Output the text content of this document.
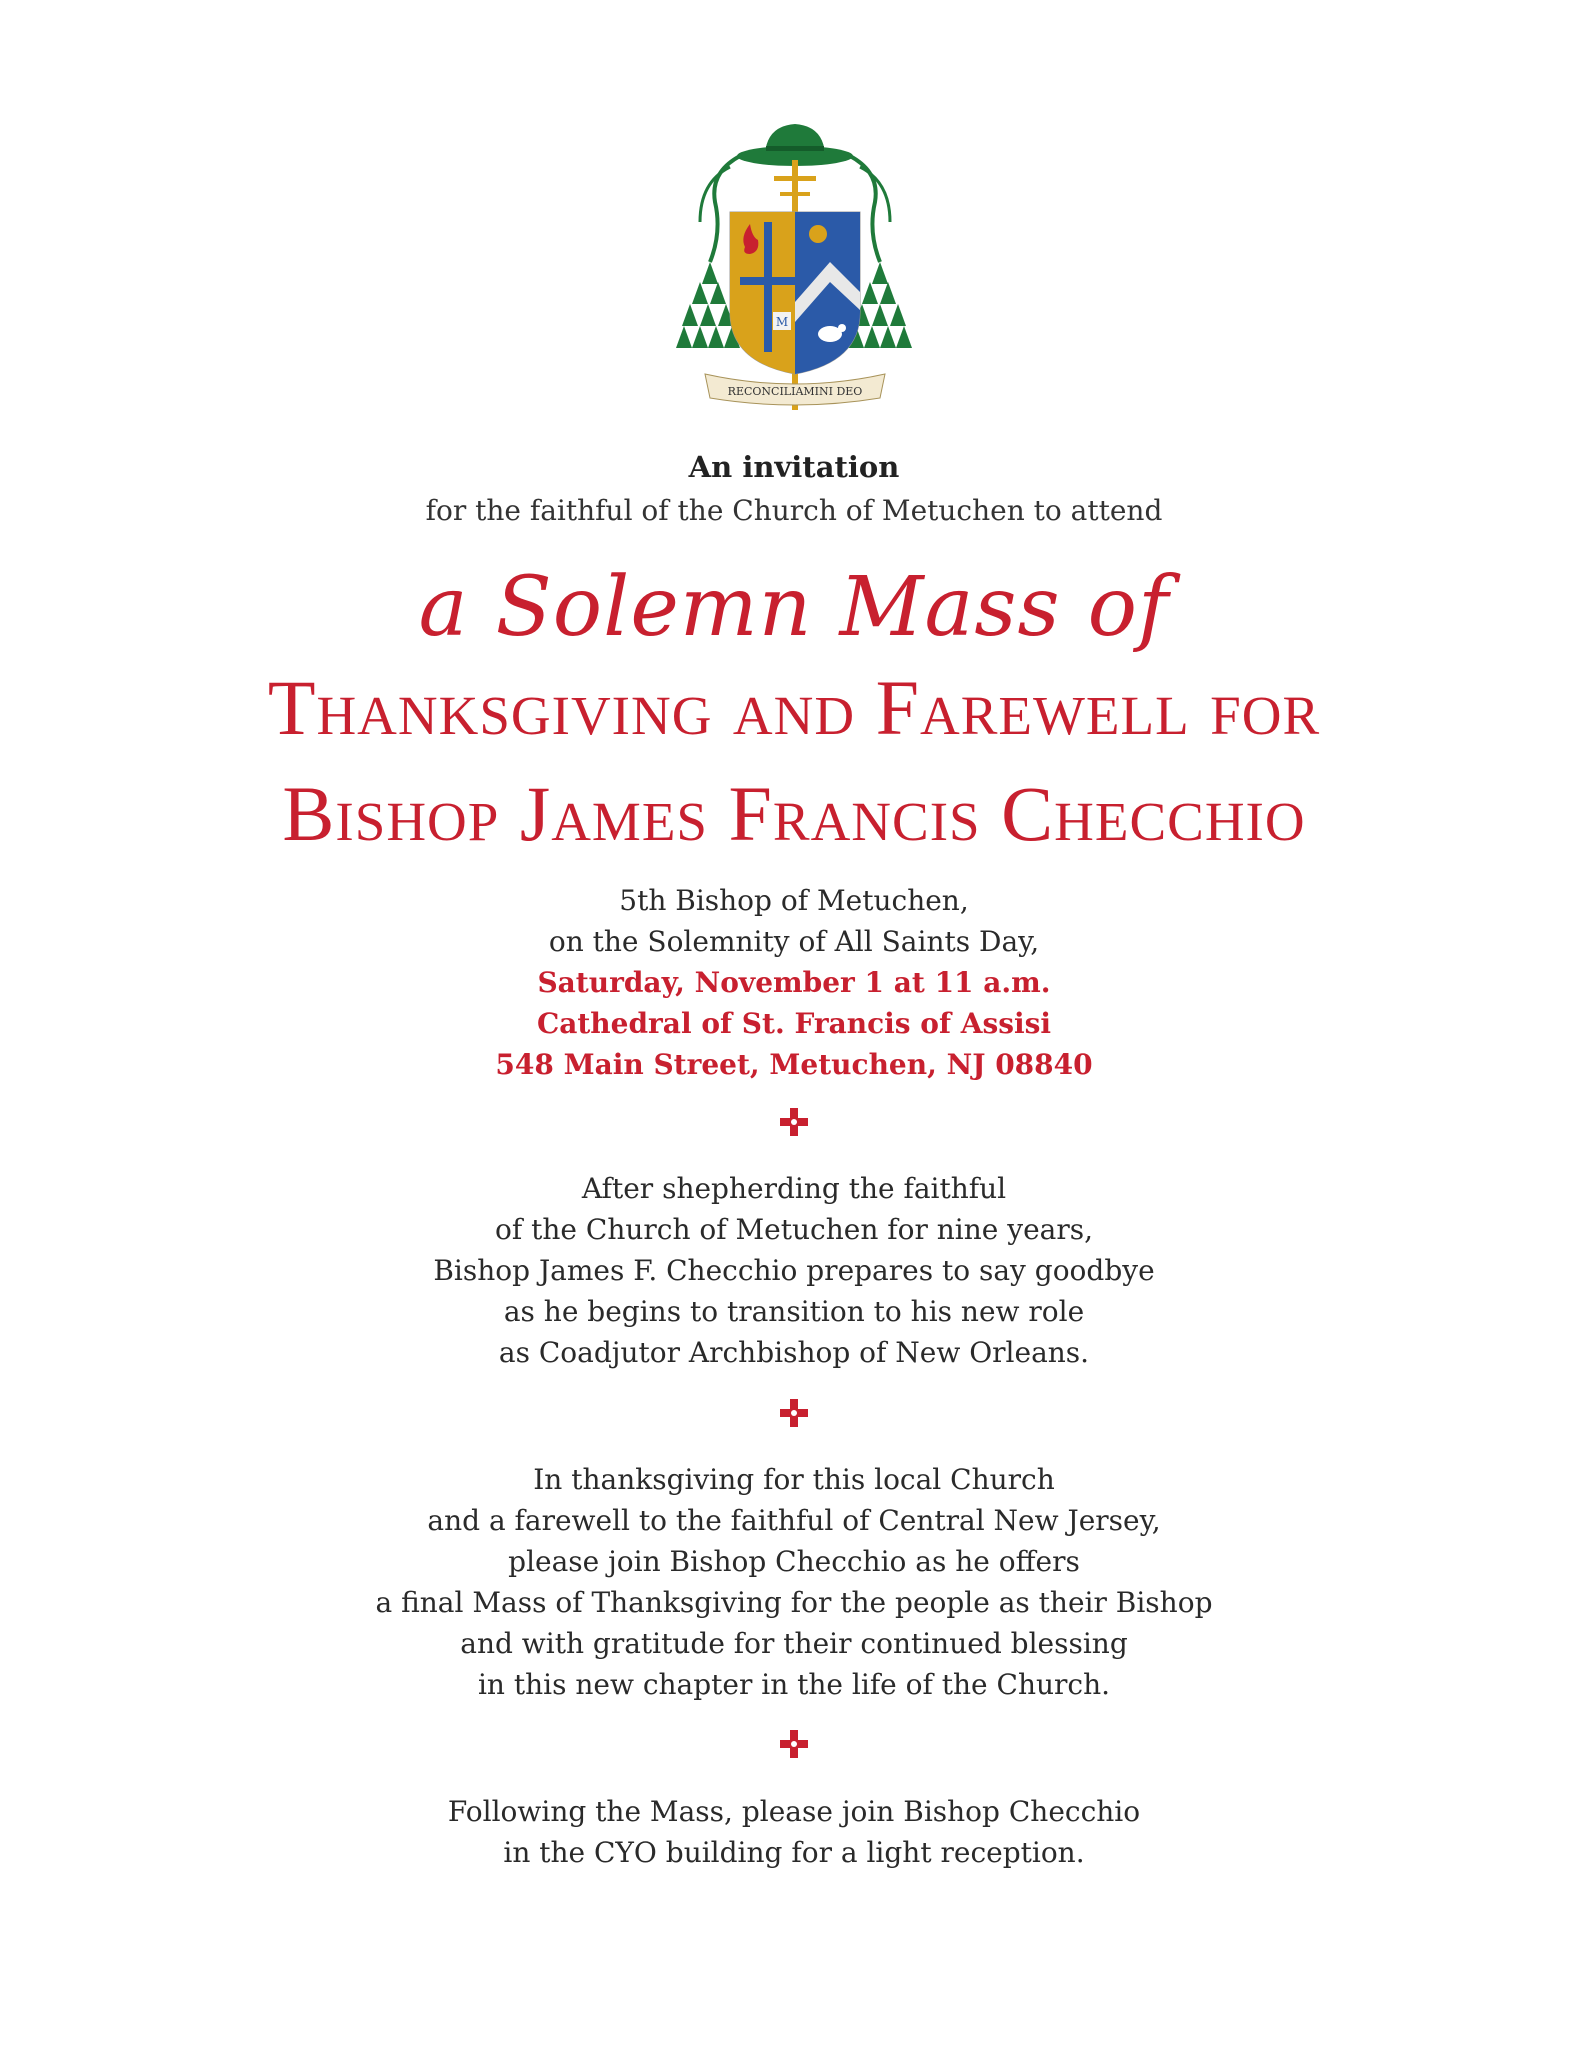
M
RECONCILIAMINI DEO
An invitation
for the faithful of the Church of Metuchen to attend
a Solemn Mass of
Thanksgiving and Farewell for
Bishop James Francis Checchio
5th Bishop of Metuchen,
on the Solemnity of All Saints Day,
Saturday, November 1 at 11 a.m.
Cathedral of St. Francis of Assisi
548 Main Street, Metuchen, NJ 08840
After shepherding the faithful
of the Church of Metuchen for nine years,
Bishop James F. Checchio prepares to say goodbye
as he begins to transition to his new role
as Coadjutor Archbishop of New Orleans.
In thanksgiving for this local Church
and a farewell to the faithful of Central New Jersey,
please join Bishop Checchio as he offers
a final Mass of Thanksgiving for the people as their Bishop
and with gratitude for their continued blessing
in this new chapter in the life of the Church.
Following the Mass, please join Bishop Checchio
in the CYO building for a light reception.
